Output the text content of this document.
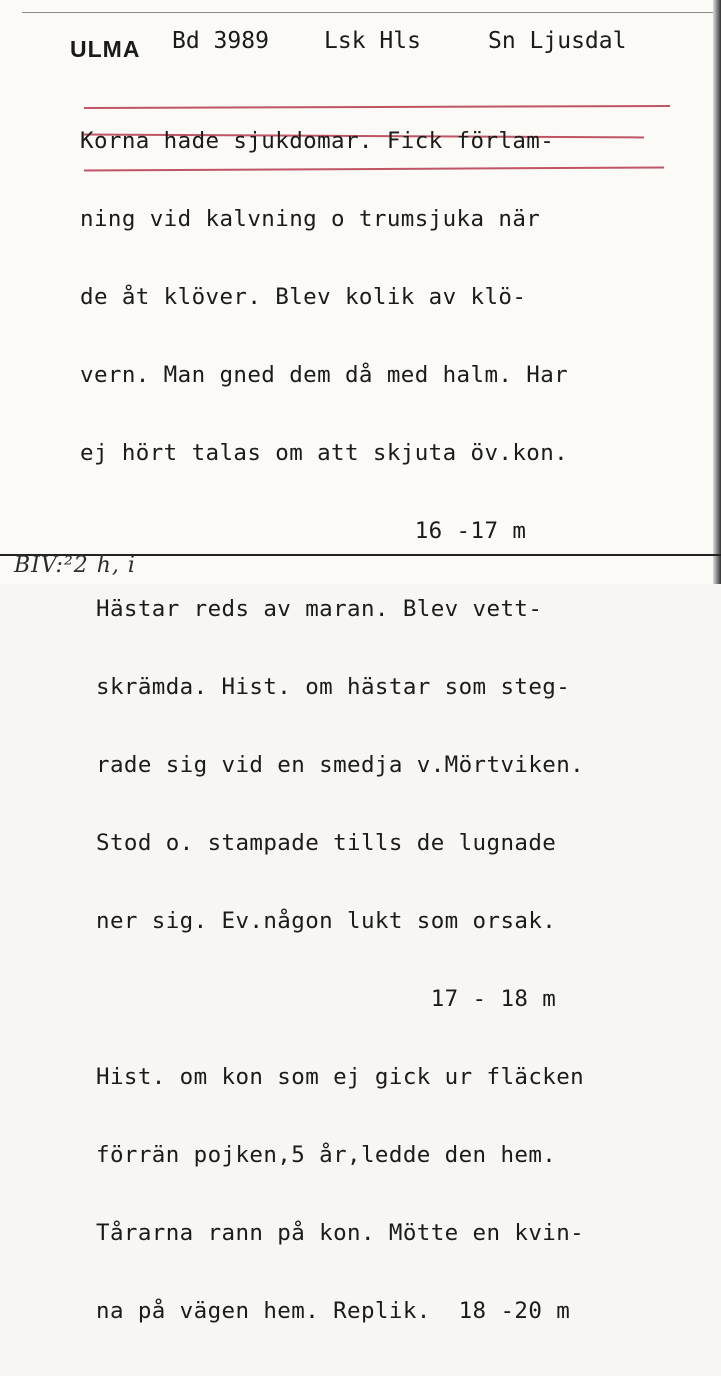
ULMA Bd 3989 Lsk Hls	Sn Ljusdal

Korna hade sjukdomar. Fick förlam-

ning vid kalvning o trumsjuka när

de åt klöver. Blev kolik av klö-

vern. Man gned dem då med halm. Har

ej hört talas om att skjuta öv.kon.

16 -17 m

Hästar reds av maran. Blev vett-

skrämda. Hist. om hästar som steg-

rade sig vid en smedja v.Mörtviken.

Stod o. stampade tills de lugnade

ner sig. Ev.någon lukt som orsak.

17 - 18 m

Hist. om kon som ej gick ur fläcken

förrän pojken,5 år,ledde den hem.

Tårarna rann på kon. Mötte en kvin-

na på vägen hem. Replik.  18 -20 m

BIV:²2 h, i
